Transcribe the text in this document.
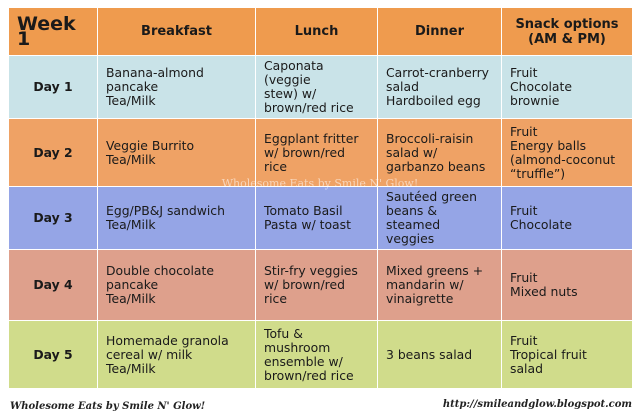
Week 1	Breakfast	Lunch	Dinner	Snack options
(AM & PM)
Day 1	Banana-almond
pancake
Tea/Milk	Caponata (veggie
stew) w/
brown/red rice	Carrot-cranberry
salad
Hardboiled egg	Fruit
Chocolate
brownie
Day 2	Veggie Burrito
Tea/Milk	Eggplant fritter
w/ brown/red rice	Broccoli-raisin
salad w/
garbanzo beans	Fruit
Energy balls
(almond-coconut
“truffle”)
Day 3	Egg/PB&J sandwich
Tea/Milk	Tomato Basil
Pasta w/ toast	Sautéed green
beans & steamed
veggies	Fruit
Chocolate
Day 4	Double chocolate
pancake
Tea/Milk	Stir-fry veggies
w/ brown/red rice	Mixed greens +
mandarin w/
vinaigrette	Fruit
Mixed nuts
Day 5	Homemade granola
cereal w/ milk
Tea/Milk	Tofu & mushroom
ensemble w/
brown/red rice	3 beans salad	Fruit
Tropical fruit
salad
Wholesome Eats by Smile N' Glow!
Wholesome Eats by Smile N' Glow!	http://smileandglow.blogspot.com
